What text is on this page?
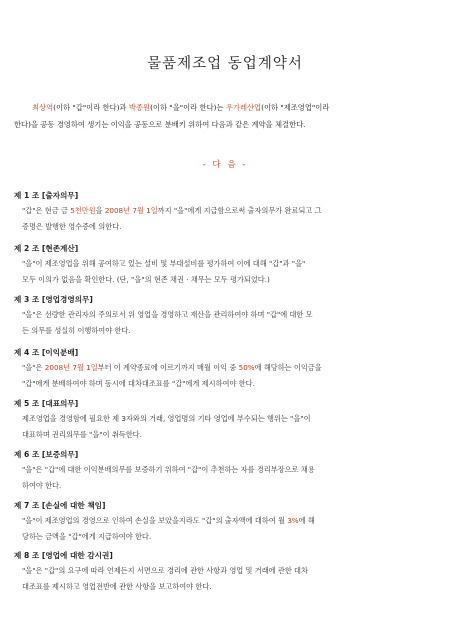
물품제조업 동업계약서
최상역(이하 "갑"이라 한다)과 박종원(이하 "을"이라 한다)는 우가레산업(이하 "제조영업"이라
한다)을 공동 경영하여 생기는 이익을 공동으로 분배키 위하여 다음과 같은 계약을 체결한다.
- 다 음 -
제 1 조 [출자의무]
"갑"은 현금 금 5천만원을 2008년 7월 1일까지 "을"에게 지급함으로써 출자의무가 완료되고 그
증명은 발행한 영수증에 의한다.
제 2 조 [현존계산]
"을"이 제조영업을 위해 공여하고 있는 설비 및 부대설비를 평가하여 이에 대해 "갑"과 "을"
모두 이의가 없음을 확인한다. (단, "을"의 현존 채권 · 채무는 모두 평가되었다.)
제 3 조 [영업경영의무]
"을"은 선량한 관리자의 주의로서 위 영업을 경영하고 재산을 관리하여야 하며 "갑"에 대한 모
든 의무를 성실히 이행하여야 한다.
제 4 조 [이익분배]
"을"은 2008년 7월 1일부터 이 계약종료에 이르기까지 매월 이익 중 50%에 해당하는 이익금을
"갑"에게 분배하여야 하며 동시에 대차대조표를 "갑"에게 제시하여야 한다.
제 5 조 [대표의무]
제조영업을 경영함에 필요한 제 3자와의 거래, 영업명의 기타 영업에 부수되는 행위는 "을"이
대표하며 권리의무를 "을"이 취득한다.
제 6 조 [보증의무]
"을"은 "갑"에 대한 이익분배의무를 보증하기 위하여 "갑"이 추천하는 자를 경리부장으로 채용
하여야 한다.
제 7 조 [손실에 대한 책임]
"을"이 제조영업의 경영으로 인하여 손실을 보았을지라도 "갑"의 출자액에 대하여 월 3%에 해
당하는 금액을 "갑"에게 지급하여야 한다.
제 8 조 [영업에 대한 감시권]
"을"은 "갑"의 요구에 따라 언제든지 서면으로 경리에 관한 사항과 영업 및 거래에 관한 대차
대조표를 제시하고 영업전반에 관한 사항을 보고하여야 한다.
